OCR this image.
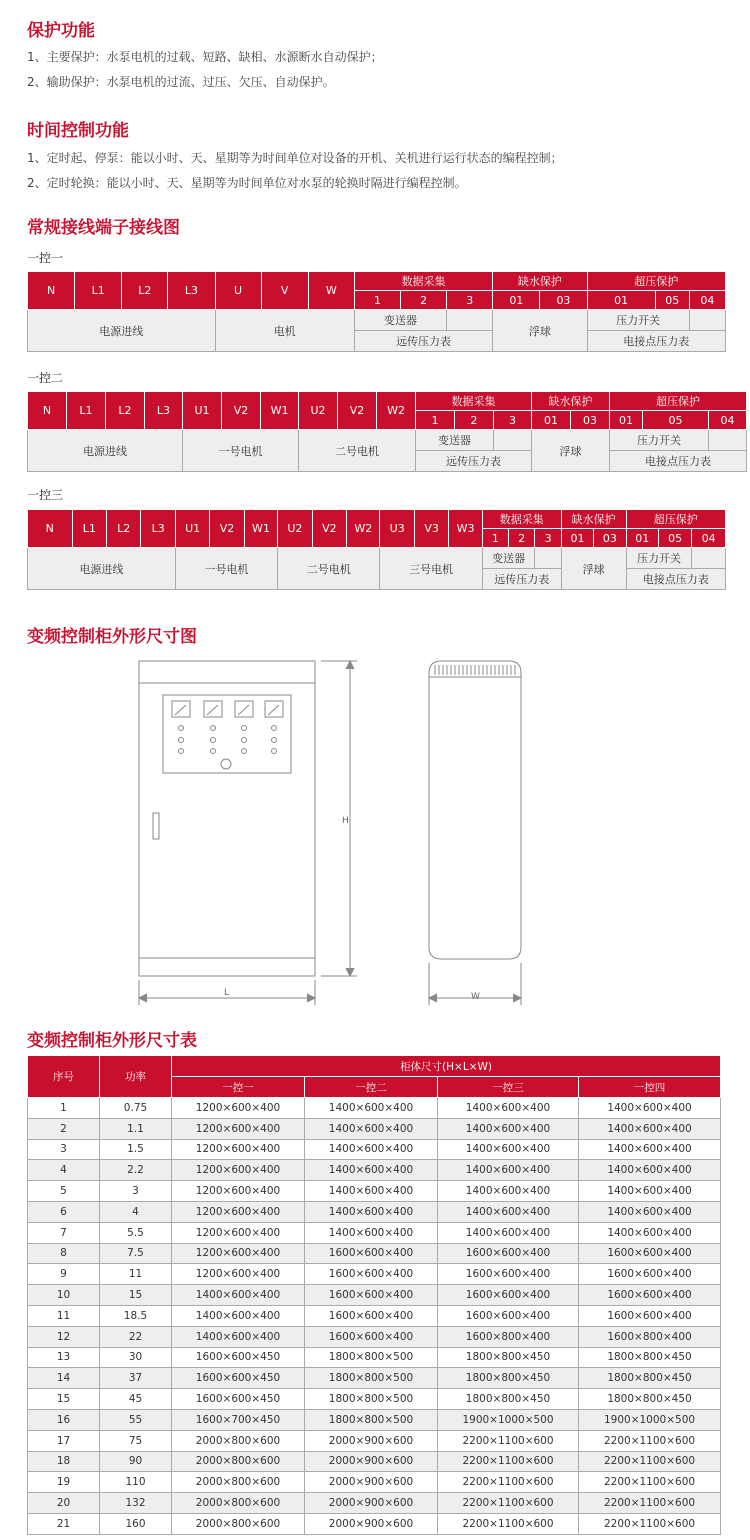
保护功能
1、主要保护：水泵电机的过载、短路、缺相、水源断水自动保护；
2、输助保护：水泵电机的过流、过压、欠压、自动保护。
时间控制功能
1、定时起、停泵：能以小时、天、星期等为时间单位对设备的开机、关机进行运行状态的编程控制；
2、定时轮换：能以小时、天、星期等为时间单位对水泵的轮换时隔进行编程控制。
常规接线端子接线图
一控一
N	L1	L2	L3	U	V	W	数据采集			缺水保护		超压保护		
							1	2	3	01	03	01	05	04
电源进线				电机			变送器			浮球		压力开关		
							远传压力表					电接点压力表		
一控二
N	L1	L2	L3	U1	V2	W1	U2	V2	W2	数据采集			缺水保护		超压保护		
										1	2	3	01	03	01	05	04
电源进线				一号电机			二号电机			变送器			浮球		压力开关		
										远传压力表					电接点压力表		
一控三
N	L1	L2	L3	U1	V2	W1	U2	V2	W2	U3	V3	W3	数据采集			缺水保护		超压保护		
													1	2	3	01	03	01	05	04
电源进线				一号电机			二号电机			三号电机			变送器			浮球		压力开关		
													远传压力表					电接点压力表		
变频控制柜外形尺寸图
H
L	W
变频控制柜外形尺寸表
序号	功率	柜体尺寸(H×L×W)			
		一控一	一控二	一控三	一控四
1	0.75	1200×600×400	1400×600×400	1400×600×400	1400×600×400
2	1.1	1200×600×400	1400×600×400	1400×600×400	1400×600×400
3	1.5	1200×600×400	1400×600×400	1400×600×400	1400×600×400
4	2.2	1200×600×400	1400×600×400	1400×600×400	1400×600×400
5	3	1200×600×400	1400×600×400	1400×600×400	1400×600×400
6	4	1200×600×400	1400×600×400	1400×600×400	1400×600×400
7	5.5	1200×600×400	1400×600×400	1400×600×400	1400×600×400
8	7.5	1200×600×400	1600×600×400	1600×600×400	1600×600×400
9	11	1200×600×400	1600×600×400	1600×600×400	1600×600×400
10	15	1400×600×400	1600×600×400	1600×600×400	1600×600×400
11	18.5	1400×600×400	1600×600×400	1600×600×400	1600×600×400
12	22	1400×600×400	1600×600×400	1600×800×400	1600×800×400
13	30	1600×600×450	1800×800×500	1800×800×450	1800×800×450
14	37	1600×600×450	1800×800×500	1800×800×450	1800×800×450
15	45	1600×600×450	1800×800×500	1800×800×450	1800×800×450
16	55	1600×700×450	1800×800×500	1900×1000×500	1900×1000×500
17	75	2000×800×600	2000×900×600	2200×1100×600	2200×1100×600
18	90	2000×800×600	2000×900×600	2200×1100×600	2200×1100×600
19	110	2000×800×600	2000×900×600	2200×1100×600	2200×1100×600
20	132	2000×800×600	2000×900×600	2200×1100×600	2200×1100×600
21	160	2000×800×600	2000×900×600	2200×1100×600	2200×1100×600
